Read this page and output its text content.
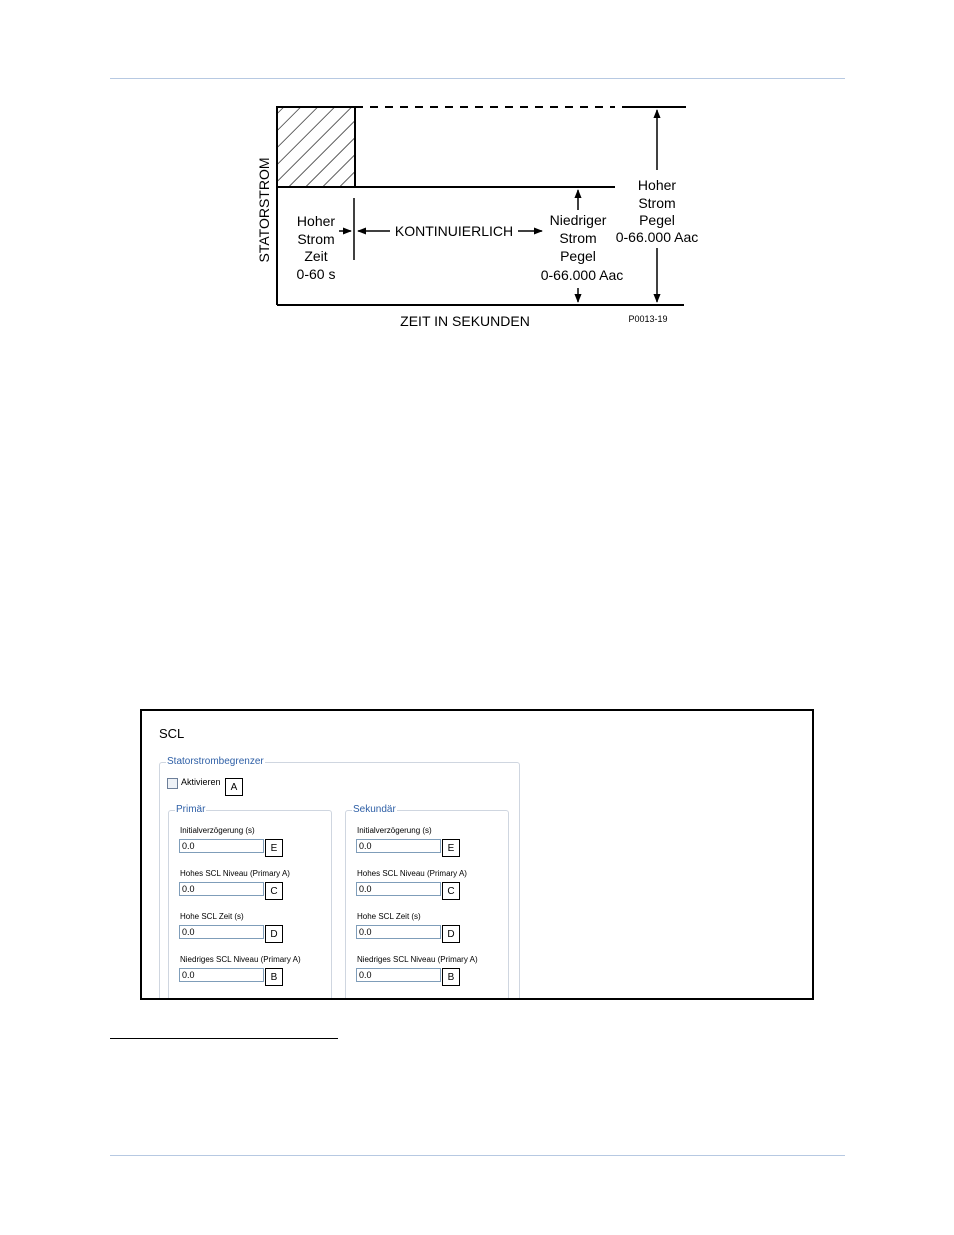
STATORSTROM
ZEIT IN SEKUNDEN
Hoher
Strom
Zeit
0-60 s
KONTINUIERLICH
Niedriger
Strom
Pegel
0-66.000 Aac
Hoher
Strom
Pegel
0-66.000 Aac
P0013-19
SCL
Statorstrombegrenzer
Aktivieren	A
Primär
Initialverzögerung (s)
0.0	E
Hohes SCL Niveau (Primary A)
0.0	C
Hohe SCL Zeit (s)
0.0	D
Niedriges SCL Niveau (Primary A)
0.0	B
Sekundär
Initialverzögerung (s)
0.0	E
Hohes SCL Niveau (Primary A)
0.0	C
Hohe SCL Zeit (s)
0.0	D
Niedriges SCL Niveau (Primary A)
0.0	B
